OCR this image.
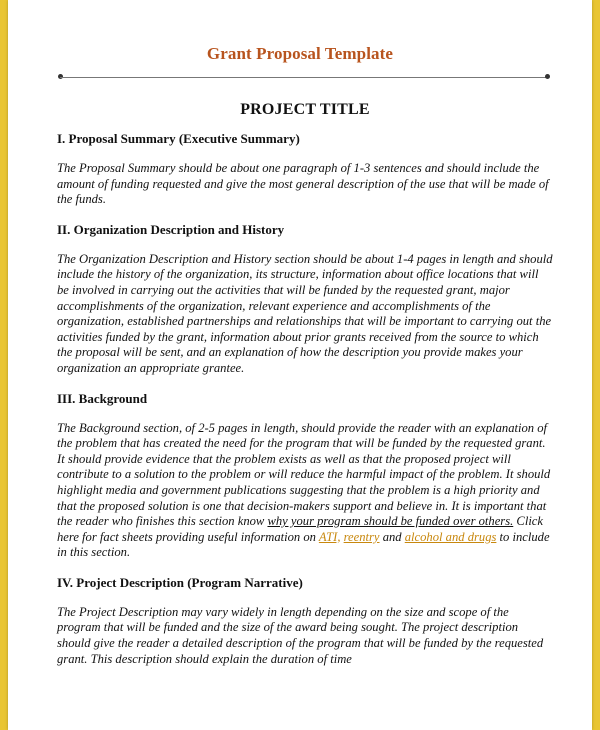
Grant Proposal Template
PROJECT TITLE
I. Proposal Summary (Executive Summary)
The Proposal Summary should be about one paragraph of 1-3 sentences and should include the amount of funding requested and give the most general description of the use that will be made of the funds.
II. Organization Description and History
The Organization Description and History section should be about 1-4 pages in length and should include the history of the organization, its structure, information about office locations that will be involved in carrying out the activities that will be funded by the requested grant, major accomplishments of the organization, relevant experience and accomplishments of the organization, established partnerships and relationships that will be important to carrying out the activities funded by the grant, information about prior grants received from the source to which the proposal will be sent, and an explanation of how the description you provide makes your organization an appropriate grantee.
III. Background
The Background section, of 2-5 pages in length, should provide the reader with an explanation of the problem that has created the need for the program that will be funded by the requested grant. It should provide evidence that the problem exists as well as that the proposed project will contribute to a solution to the problem or will reduce the harmful impact of the problem. It should highlight media and government publications suggesting that the problem is a high priority and that the proposed solution is one that decision-makers support and believe in. It is important that the reader who finishes this section know why your program should be funded over others. Click here for fact sheets providing useful information on ATI, reentry and alcohol and drugs to include in this section.
IV. Project Description (Program Narrative)
The Project Description may vary widely in length depending on the size and scope of the program that will be funded and the size of the award being sought. The project description should give the reader a detailed description of the program that will be funded by the requested grant. This description should explain the duration of time
